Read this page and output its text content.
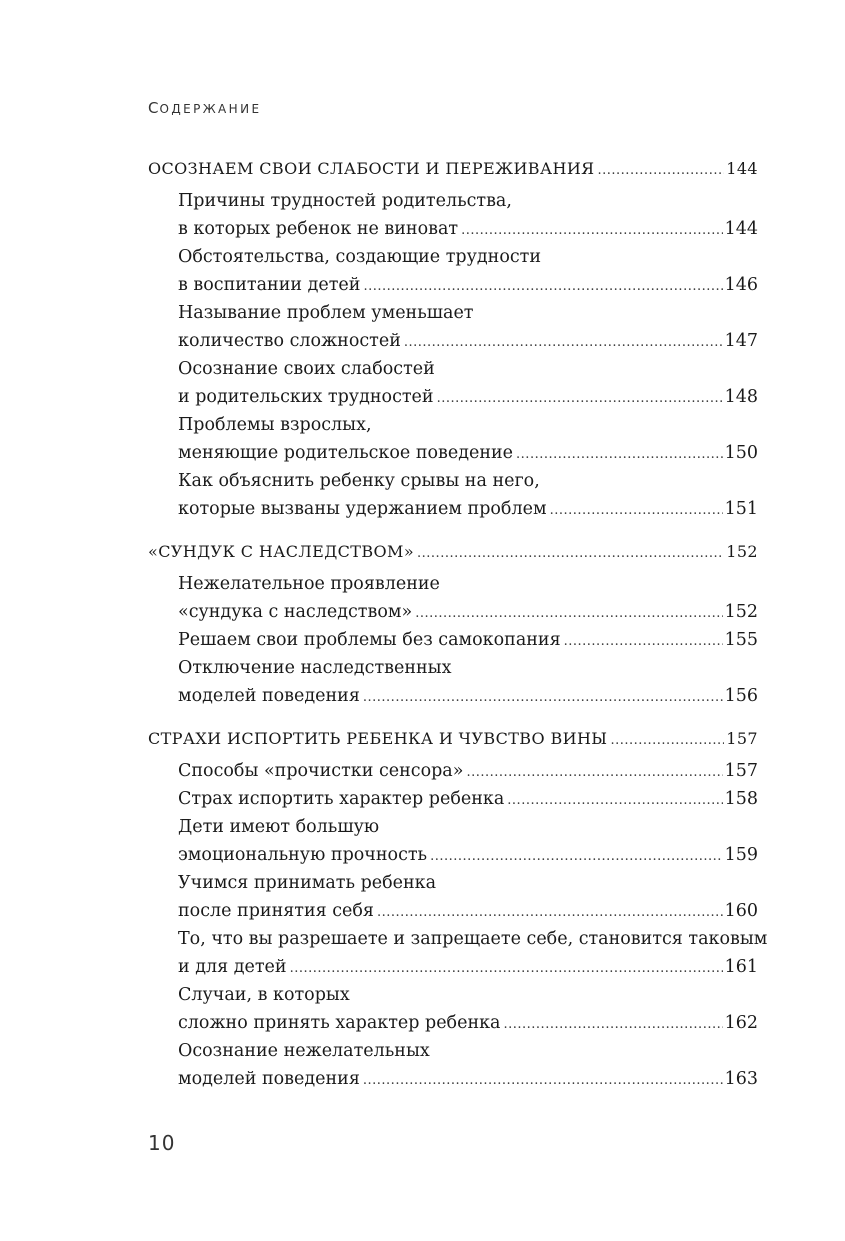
СОДЕРЖАНИЕ
ОСОЗНАЕМ СВОИ СЛАБОСТИ И ПЕРЕЖИВАНИЯ .....	144
Причины трудностей родительства,
в которых ребенок не виноват .....	144
Обстоятельства, создающие трудности
в воспитании детей .....	146
Называние проблем уменьшает
количество сложностей .....	147
Осознание своих слабостей
и родительских трудностей .....	148
Проблемы взрослых,
меняющие родительское поведение .....	150
Как объяснить ребенку срывы на него,
которые вызваны удержанием проблем .....	151
«СУНДУК С НАСЛЕДСТВОМ» .....	152
Нежелательное проявление
«сундука с наследством» .....	152
Решаем свои проблемы без самокопания .....	155
Отключение наследственных
моделей поведения .....	156
СТРАХИ ИСПОРТИТЬ РЕБЕНКА И ЧУВСТВО ВИНЫ .....	157
Способы «прочистки сенсора» .....	157
Страх испортить характер ребенка .....	158
Дети имеют большую
эмоциональную прочность .....	159
Учимся принимать ребенка
после принятия себя .....	160
То, что вы разрешаете и запрещаете себе, становится таковым
и для детей .....	161
Случаи, в которых
сложно принять характер ребенка .....	162
Осознание нежелательных
моделей поведения .....	163
10
